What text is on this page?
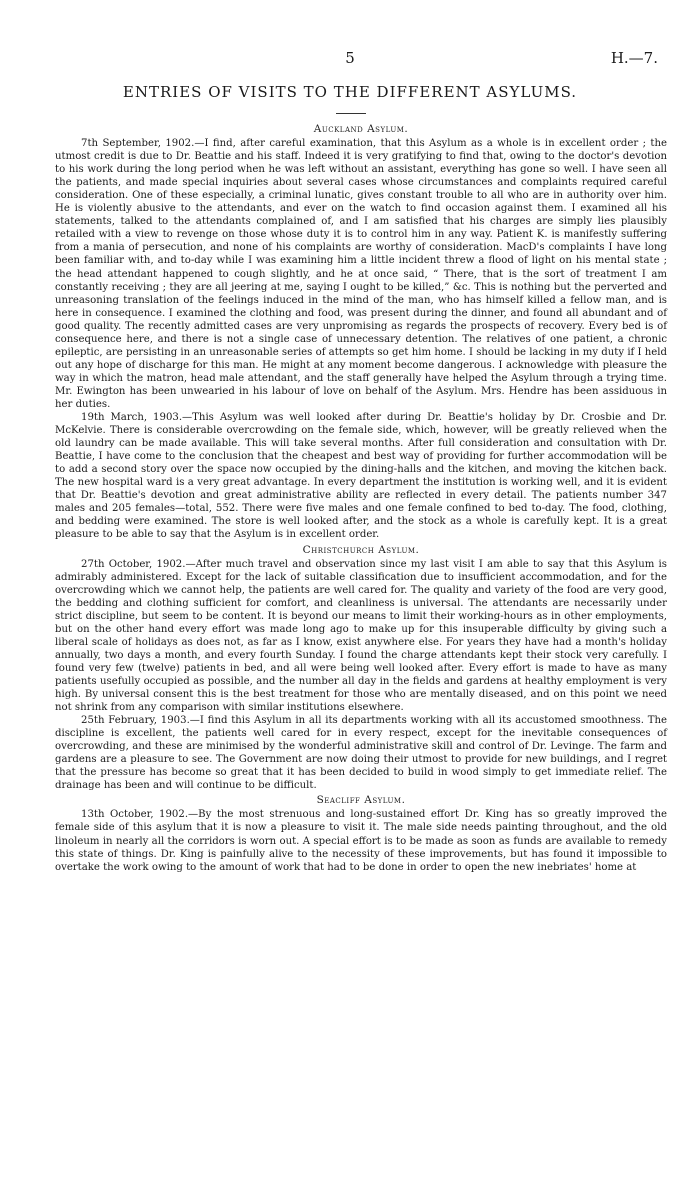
5	H.—7.
ENTRIES OF VISITS TO THE DIFFERENT ASYLUMS.

Auckland Asylum.

7th September, 1902.—I find, after careful examination, that this Asylum as a whole is in excellent order ; the utmost credit is due to Dr. Beattie and his staff. Indeed it is very gratifying to find that, owing to the doctor's devotion to his work during the long period when he was left without an assistant, everything has gone so well. I have seen all the patients, and made special inquiries about several cases whose circumstances and complaints required careful consideration. One of these especially, a criminal lunatic, gives constant trouble to all who are in authority over him. He is violently abusive to the attendants, and ever on the watch to find occasion against them. I examined all his statements, talked to the attendants complained of, and I am satisfied that his charges are simply lies plausibly retailed with a view to revenge on those whose duty it is to control him in any way. Patient K. is manifestly suffering from a mania of persecution, and none of his complaints are worthy of consideration. MacD's complaints I have long been familiar with, and to-day while I was examining him a little incident threw a flood of light on his mental state ; the head attendant happened to cough slightly, and he at once said, “ There, that is the sort of treatment I am constantly receiving ; they are all jeering at me, saying I ought to be killed,” &c. This is nothing but the perverted and unreasoning translation of the feelings induced in the mind of the man, who has himself killed a fellow man, and is here in consequence. I examined the clothing and food, was present during the dinner, and found all abundant and of good quality. The recently admitted cases are very unpromising as regards the prospects of recovery. Every bed is of consequence here, and there is not a single case of unnecessary detention. The relatives of one patient, a chronic epileptic, are persisting in an unreasonable series of attempts so get him home. I should be lacking in my duty if I held out any hope of discharge for this man. He might at any moment become dangerous. I acknowledge with pleasure the way in which the matron, head male attendant, and the staff generally have helped the Asylum through a trying time. Mr. Ewington has been unwearied in his labour of love on behalf of the Asylum. Mrs. Hendre has been assiduous in her duties.

19th March, 1903.—This Asylum was well looked after during Dr. Beattie's holiday by Dr. Crosbie and Dr. McKelvie. There is considerable overcrowding on the female side, which, however, will be greatly relieved when the old laundry can be made available. This will take several months. After full consideration and consultation with Dr. Beattie, I have come to the conclusion that the cheapest and best way of providing for further accommodation will be to add a second story over the space now occupied by the dining-halls and the kitchen, and moving the kitchen back. The new hospital ward is a very great advantage. In every department the institution is working well, and it is evident that Dr. Beattie's devotion and great administrative ability are reflected in every detail. The patients number 347 males and 205 females—total, 552. There were five males and one female confined to bed to-day. The food, clothing, and bedding were examined. The store is well looked after, and the stock as a whole is carefully kept. It is a great pleasure to be able to say that the Asylum is in excellent order.

Christchurch Asylum.

27th October, 1902.—After much travel and observation since my last visit I am able to say that this Asylum is admirably administered. Except for the lack of suitable classification due to insufficient accommodation, and for the overcrowding which we cannot help, the patients are well cared for. The quality and variety of the food are very good, the bedding and clothing sufficient for comfort, and cleanliness is universal. The attendants are necessarily under strict discipline, but seem to be content. It is beyond our means to limit their working-hours as in other employments, but on the other hand every effort was made long ago to make up for this insuperable difficulty by giving such a liberal scale of holidays as does not, as far as I know, exist anywhere else. For years they have had a month's holiday annually, two days a month, and every fourth Sunday. I found the charge attendants kept their stock very carefully. I found very few (twelve) patients in bed, and all were being well looked after. Every effort is made to have as many patients usefully occupied as possible, and the number all day in the fields and gardens at healthy employment is very high. By universal consent this is the best treatment for those who are mentally diseased, and on this point we need not shrink from any comparison with similar institutions elsewhere.

25th February, 1903.—I find this Asylum in all its departments working with all its accustomed smoothness. The discipline is excellent, the patients well cared for in every respect, except for the inevitable consequences of overcrowding, and these are minimised by the wonderful administrative skill and control of Dr. Levinge. The farm and gardens are a pleasure to see. The Government are now doing their utmost to provide for new buildings, and I regret that the pressure has become so great that it has been decided to build in wood simply to get immediate relief. The drainage has been and will continue to be difficult.

Seacliff Asylum.

13th October, 1902.—By the most strenuous and long-sustained effort Dr. King has so greatly improved the female side of this asylum that it is now a pleasure to visit it. The male side needs painting throughout, and the old linoleum in nearly all the corridors is worn out. A special effort is to be made as soon as funds are available to remedy this state of things. Dr. King is painfully alive to the necessity of these improvements, but has found it impossible to overtake the work owing to the amount of work that had to be done in order to open the new inebriates' home at
